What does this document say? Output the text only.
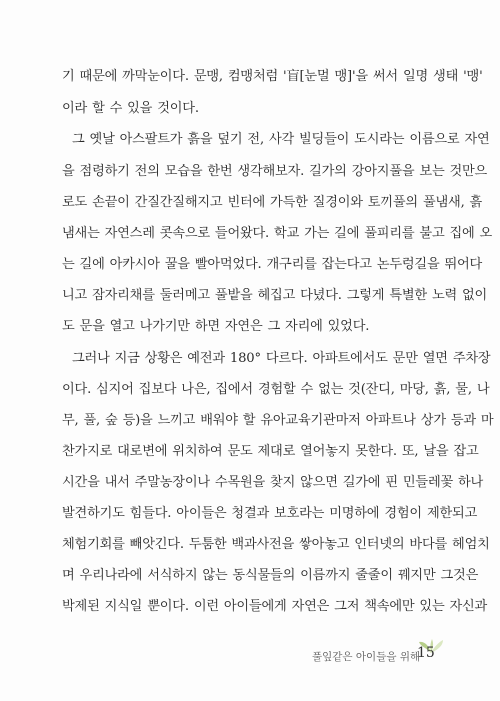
기 때문에 까막눈이다. 문맹, 컴맹처럼 '盲[눈멀 맹]'을 써서 일명 생태 '맹'
이라 할 수 있을 것이다.
그 옛날 아스팔트가 흙을 덮기 전, 사각 빌딩들이 도시라는 이름으로 자연
을 점령하기 전의 모습을 한번 생각해보자. 길가의 강아지풀을 보는 것만으
로도 손끝이 간질간질해지고 빈터에 가득한 질경이와 토끼풀의 풀냄새, 흙
냄새는 자연스레 콧속으로 들어왔다. 학교 가는 길에 풀피리를 불고 집에 오
는 길에 아카시아 꿀을 빨아먹었다. 개구리를 잡는다고 논두렁길을 뛰어다
니고 잠자리채를 둘러메고 풀밭을 헤집고 다녔다. 그렇게 특별한 노력 없이
도 문을 열고 나가기만 하면 자연은 그 자리에 있었다.
그러나 지금 상황은 예전과 180° 다르다. 아파트에서도 문만 열면 주차장
이다. 심지어 집보다 나은, 집에서 경험할 수 없는 것(잔디, 마당, 흙, 물, 나
무, 풀, 숲 등)을 느끼고 배워야 할 유아교육기관마저 아파트나 상가 등과 마
찬가지로 대로변에 위치하여 문도 제대로 열어놓지 못한다. 또, 날을 잡고
시간을 내서 주말농장이나 수목원을 찾지 않으면 길가에 핀 민들레꽃 하나
발견하기도 힘들다. 아이들은 청결과 보호라는 미명하에 경험이 제한되고
체험기회를 빼앗긴다. 두툼한 백과사전을 쌓아놓고 인터넷의 바다를 헤엄치
며 우리나라에 서식하지 않는 동식물들의 이름까지 줄줄이 꿰지만 그것은
박제된 지식일 뿐이다. 이런 아이들에게 자연은 그저 책속에만 있는 자신과
풀잎같은 아이들을 위해
15
